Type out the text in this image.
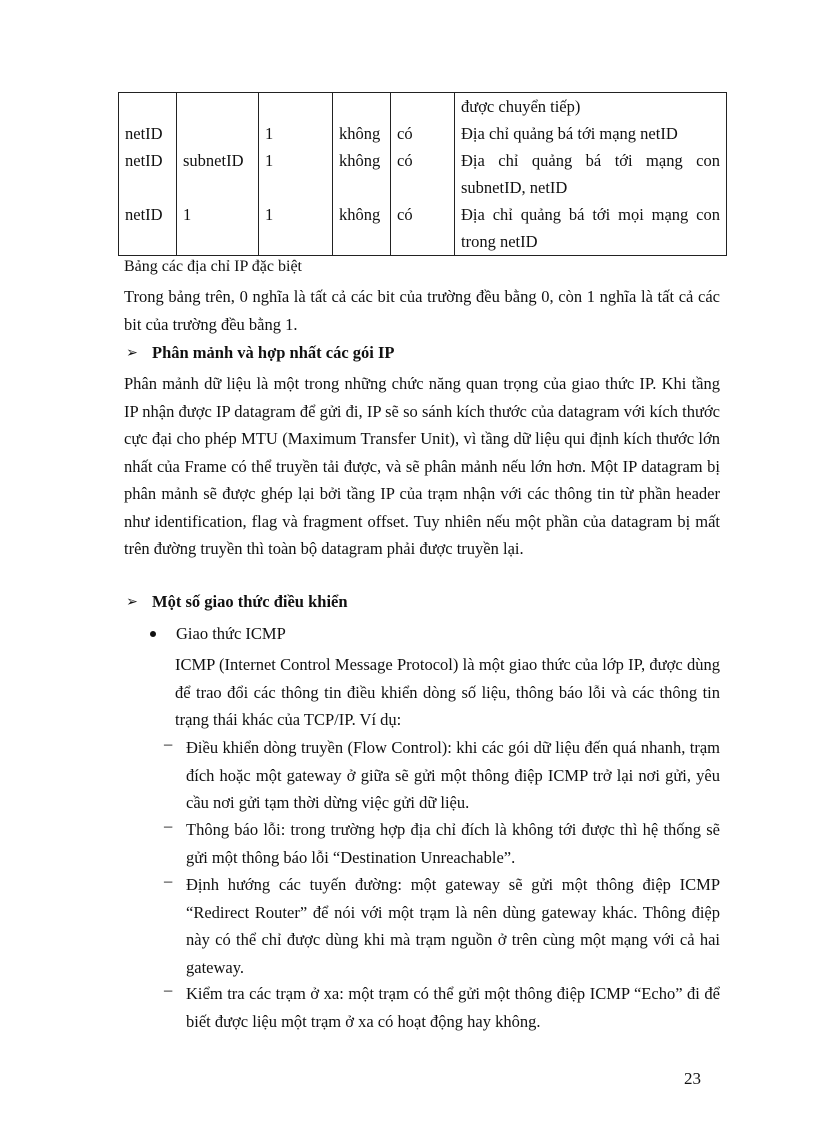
					được chuyển tiếp)
netID		1	không	có	Địa chỉ quảng bá tới mạng netID
netID	subnetID	1	không	có	Địa chỉ quảng bá tới mạng con subnetID, netID
netID	1	1	không	có	Địa chỉ quảng bá tới mọi mạng con trong netID
Bảng các địa chỉ IP đặc biệt

Trong bảng trên, 0 nghĩa là tất cả các bit của trường đều bằng 0, còn 1 nghĩa là tất cả các bit của trường đều bằng 1.

➢ Phân mảnh và hợp nhất các gói IP

Phân mảnh dữ liệu là một trong những chức năng quan trọng của giao thức IP. Khi tầng IP nhận được IP datagram để gửi đi, IP sẽ so sánh kích thước của datagram với kích thước cực đại cho phép MTU (Maximum Transfer Unit), vì tầng dữ liệu qui định kích thước lớn nhất của Frame có thể truyền tải được, và sẽ phân mảnh nếu lớn hơn. Một IP datagram bị phân mảnh sẽ được ghép lại bởi tầng IP của trạm nhận với các thông tin từ phần header như identification, flag và fragment offset. Tuy nhiên nếu một phần của datagram bị mất trên đường truyền thì toàn bộ datagram phải được truyền lại.

➢ Một số giao thức điều khiển
Giao thức ICMP

ICMP (Internet Control Message Protocol) là một giao thức của lớp IP, được dùng để trao đổi các thông tin điều khiển dòng số liệu, thông báo lỗi và các thông tin trạng thái khác của TCP/IP. Ví dụ:

– Điều khiển dòng truyền (Flow Control): khi các gói dữ liệu đến quá nhanh, trạm đích hoặc một gateway ở giữa sẽ gửi một thông điệp ICMP trở lại nơi gửi, yêu cầu nơi gửi tạm thời dừng việc gửi dữ liệu.
– Thông báo lỗi: trong trường hợp địa chỉ đích là không tới được thì hệ thống sẽ gửi một thông báo lỗi “Destination Unreachable”.
– Định hướng các tuyến đường: một gateway sẽ gửi một thông điệp ICMP “Redirect Router” để nói với một trạm là nên dùng gateway khác. Thông điệp này có thể chỉ được dùng khi mà trạm nguồn ở trên cùng một mạng với cả hai gateway.
– Kiểm tra các trạm ở xa: một trạm có thể gửi một thông điệp ICMP “Echo” đi để biết được liệu một trạm ở xa có hoạt động hay không.
23
